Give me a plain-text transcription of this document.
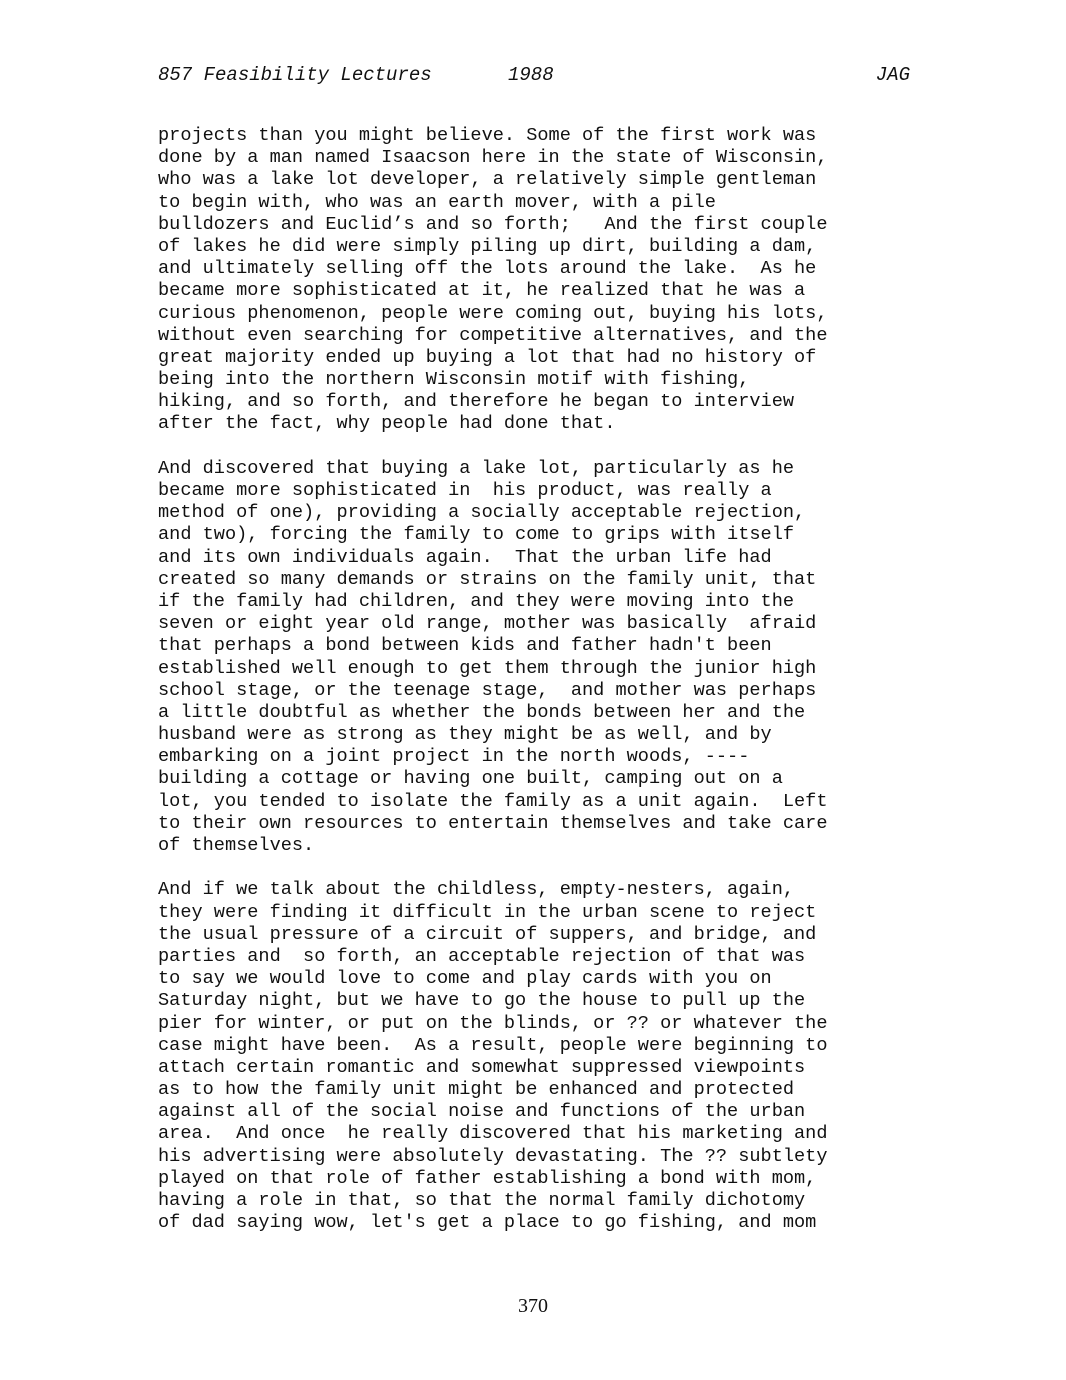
857 Feasibility Lectures

	1988

	JAG

projects than you might believe. Some of the first work was
done by a man named Isaacson here in the state of Wisconsin,
who was a lake lot developer, a relatively simple gentleman
to begin with, who was an earth mover, with a pile
bulldozers and Euclid’s and so forth;   And the first couple
of lakes he did were simply piling up dirt, building a dam,
and ultimately selling off the lots around the lake.  As he
became more sophisticated at it, he realized that he was a
curious phenomenon, people were coming out, buying his lots,
without even searching for competitive alternatives, and the
great majority ended up buying a lot that had no history of
being into the northern Wisconsin motif with fishing,
hiking, and so forth, and therefore he began to interview
after the fact, why people had done that.
And discovered that buying a lake lot, particularly as he
became more sophisticated in  his product, was really a
method of one), providing a socially acceptable rejection,
and two), forcing the family to come to grips with itself
and its own individuals again.  That the urban life had
created so many demands or strains on the family unit, that
if the family had children, and they were moving into the
seven or eight year old range, mother was basically  afraid
that perhaps a bond between kids and father hadn't been
established well enough to get them through the junior high
school stage, or the teenage stage,  and mother was perhaps
a little doubtful as whether the bonds between her and the
husband were as strong as they might be as well, and by
embarking on a joint project in the north woods, ----
building a cottage or having one built, camping out on a
lot, you tended to isolate the family as a unit again.  Left
to their own resources to entertain themselves and take care
of themselves.
And if we talk about the childless, empty-nesters, again,
they were finding it difficult in the urban scene to reject
the usual pressure of a circuit of suppers, and bridge, and
parties and  so forth, an acceptable rejection of that was
to say we would love to come and play cards with you on
Saturday night, but we have to go the house to pull up the
pier for winter, or put on the blinds, or ?? or whatever the
case might have been.  As a result, people were beginning to
attach certain romantic and somewhat suppressed viewpoints
as to how the family unit might be enhanced and protected
against all of the social noise and functions of the urban
area.  And once  he really discovered that his marketing and
his advertising were absolutely devastating. The ?? subtlety
played on that role of father establishing a bond with mom,
having a role in that, so that the normal family dichotomy
of dad saying wow, let's get a place to go fishing, and mom
370
